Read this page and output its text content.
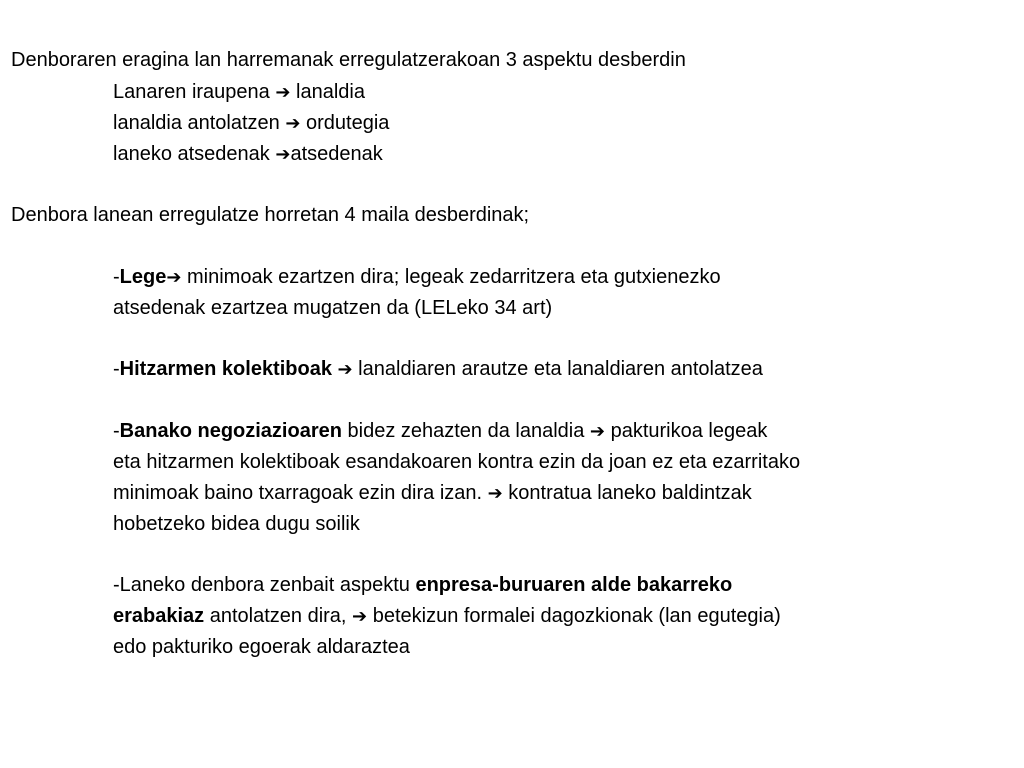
Denboraren eragina lan harremanak erregulatzerakoan 3 aspektu desberdin
Lanaren iraupena ➔ lanaldia
lanaldia antolatzen ➔ ordutegia
laneko atsedenak ➔atsedenak
Denbora lanean erregulatze horretan 4 maila desberdinak;
-Lege➔ minimoak ezartzen dira; legeak zedarritzera eta gutxienezko
atsedenak ezartzea mugatzen da (LELeko 34 art)
-Hitzarmen kolektiboak ➔ lanaldiaren arautze eta lanaldiaren antolatzea
-Banako negoziazioaren bidez zehazten da lanaldia ➔ pakturikoa legeak
eta hitzarmen kolektiboak esandakoaren kontra ezin da joan ez eta ezarritako
minimoak baino txarragoak ezin dira izan. ➔ kontratua laneko baldintzak
hobetzeko bidea dugu soilik
-Laneko denbora zenbait aspektu enpresa-buruaren alde bakarreko
erabakiaz antolatzen dira, ➔ betekizun formalei dagozkionak (lan egutegia)
edo pakturiko egoerak aldaraztea
